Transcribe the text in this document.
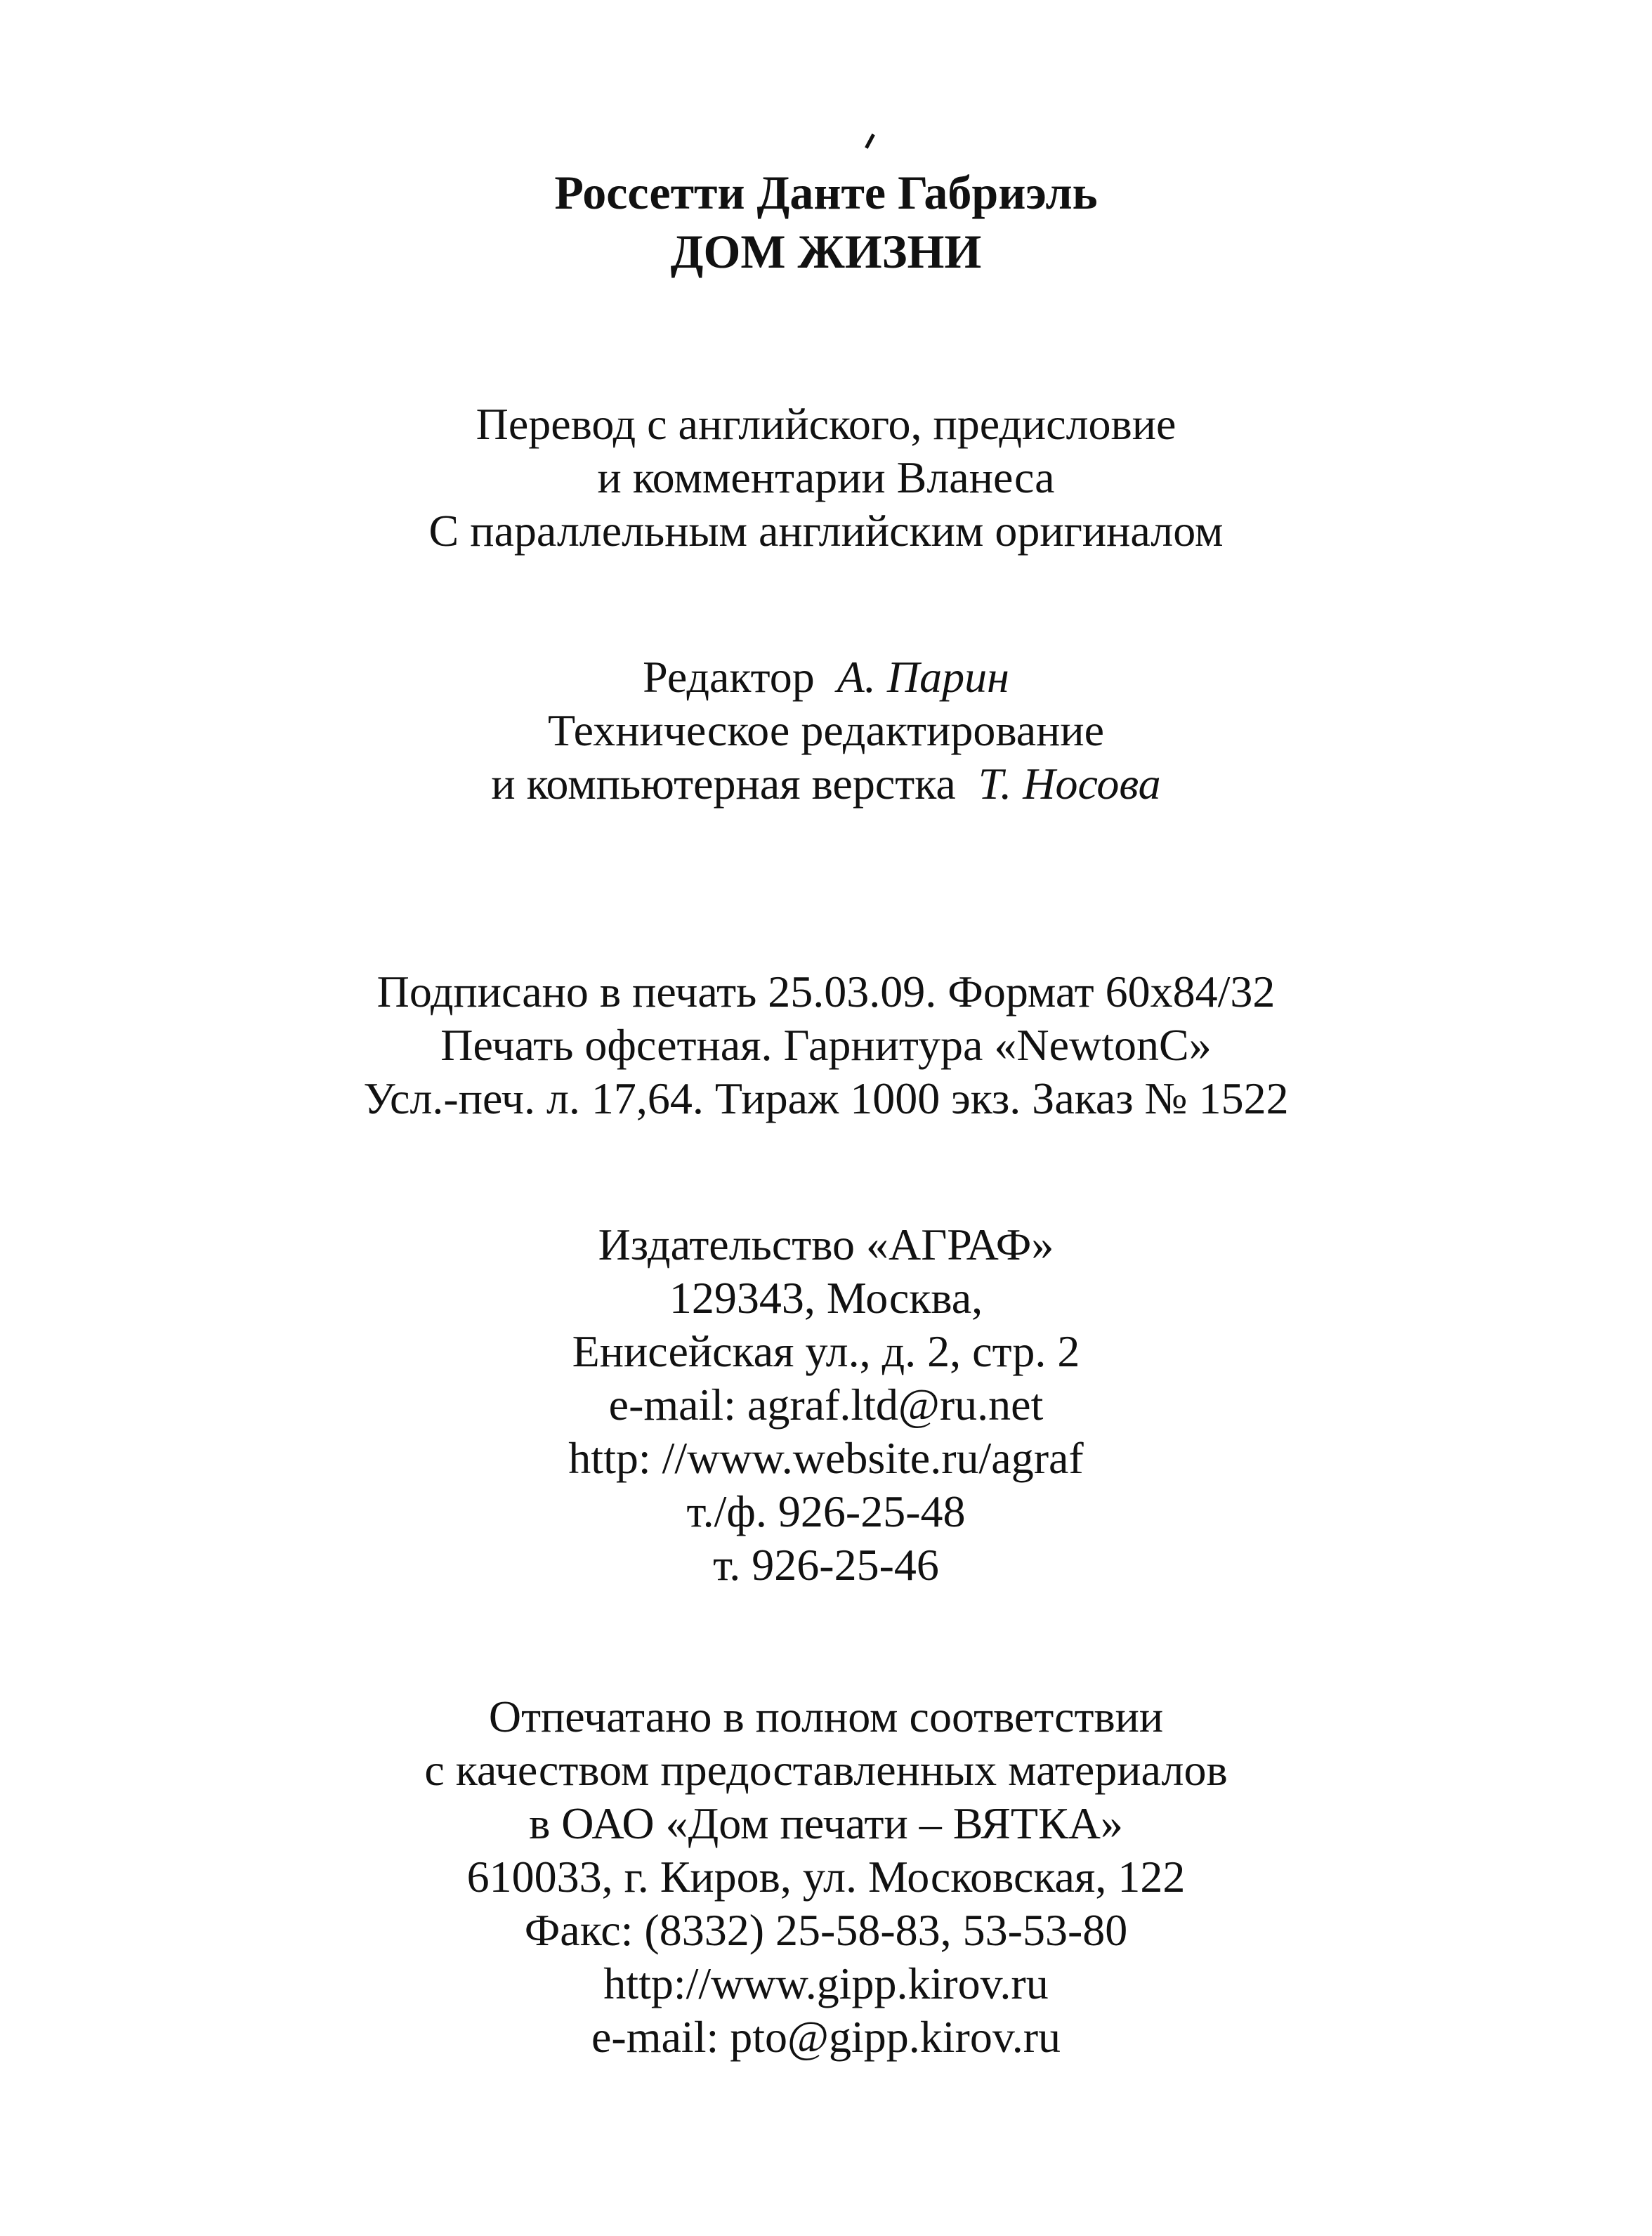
Россетти Данте Габриэль
ДОМ ЖИЗНИ
Перевод с английского, предисловие
и комментарии Вланеса
С параллельным английским оригиналом
Редактор А. Парин
Техническое редактирование
и компьютерная верстка Т. Носова
Подписано в печать 25.03.09. Формат 60х84/32
Печать офсетная. Гарнитура «NewtonC»
Усл.-печ. л. 17,64. Тираж 1000 экз. Заказ № 1522
Издательство «АГРАФ»
129343, Москва,
Енисейская ул., д. 2, стр. 2
e-mail: agraf.ltd@ru.net
http: //www.website.ru/agraf
т./ф. 926-25-48
т. 926-25-46
Отпечатано в полном соответствии
с качеством предоставленных материалов
в ОАО «Дом печати – ВЯТКА»
610033, г. Киров, ул. Московская, 122
Факс: (8332) 25-58-83, 53-53-80
http://www.gipp.kirov.ru
e-mail: pto@gipp.kirov.ru
